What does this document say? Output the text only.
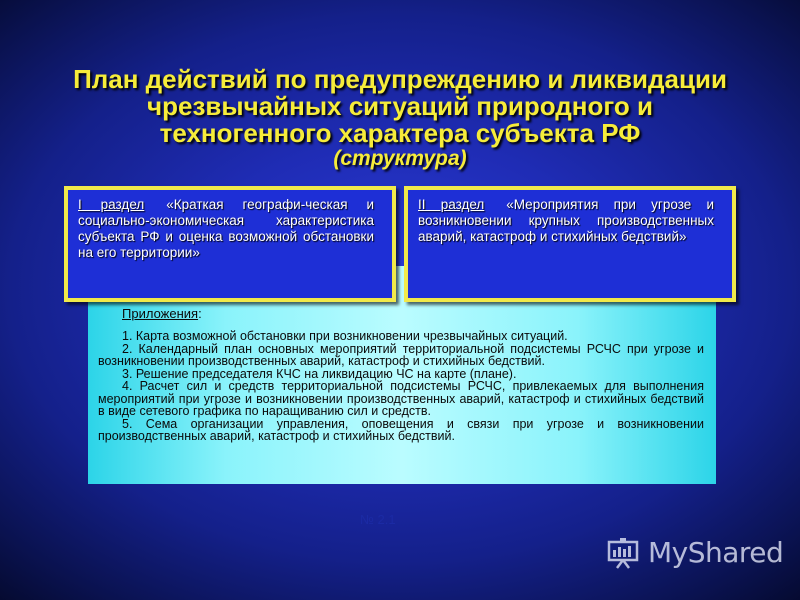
План действий по предупреждению и ликвидации
чрезвычайных ситуаций природного и
техногенного характера субъекта РФ
(структура)
Приложения:

1. Карта возможной обстановки при возникновении чрезвычайных ситуаций.

2. Календарный план основных мероприятий территориальной подсистемы РСЧС при угрозе и возникновении производственных аварий, катастроф и стихийных бедствий.

3. Решение председателя КЧС на ликвидацию ЧС на карте (плане).

4. Расчет сил и средств территориальной подсистемы РСЧС, привлекаемых для выполнения мероприятий при угрозе и возникновении производственных аварий, катастроф и стихийных бедствий в виде сетевого графика по наращиванию сил и средств.

5. Сема организации управления, оповещения и связи при угрозе и возникновении производственных аварий, катастроф и стихийных бедствий.

I раздел «Краткая географи-ческая и социально-экономическая характеристика субъекта РФ и оценка возможной обстановки на его территории»
II раздел «Мероприятия при угрозе и возникновении крупных производственных аварий, катастроф и стихийных бедствий»
№ 2.1
MyShared
